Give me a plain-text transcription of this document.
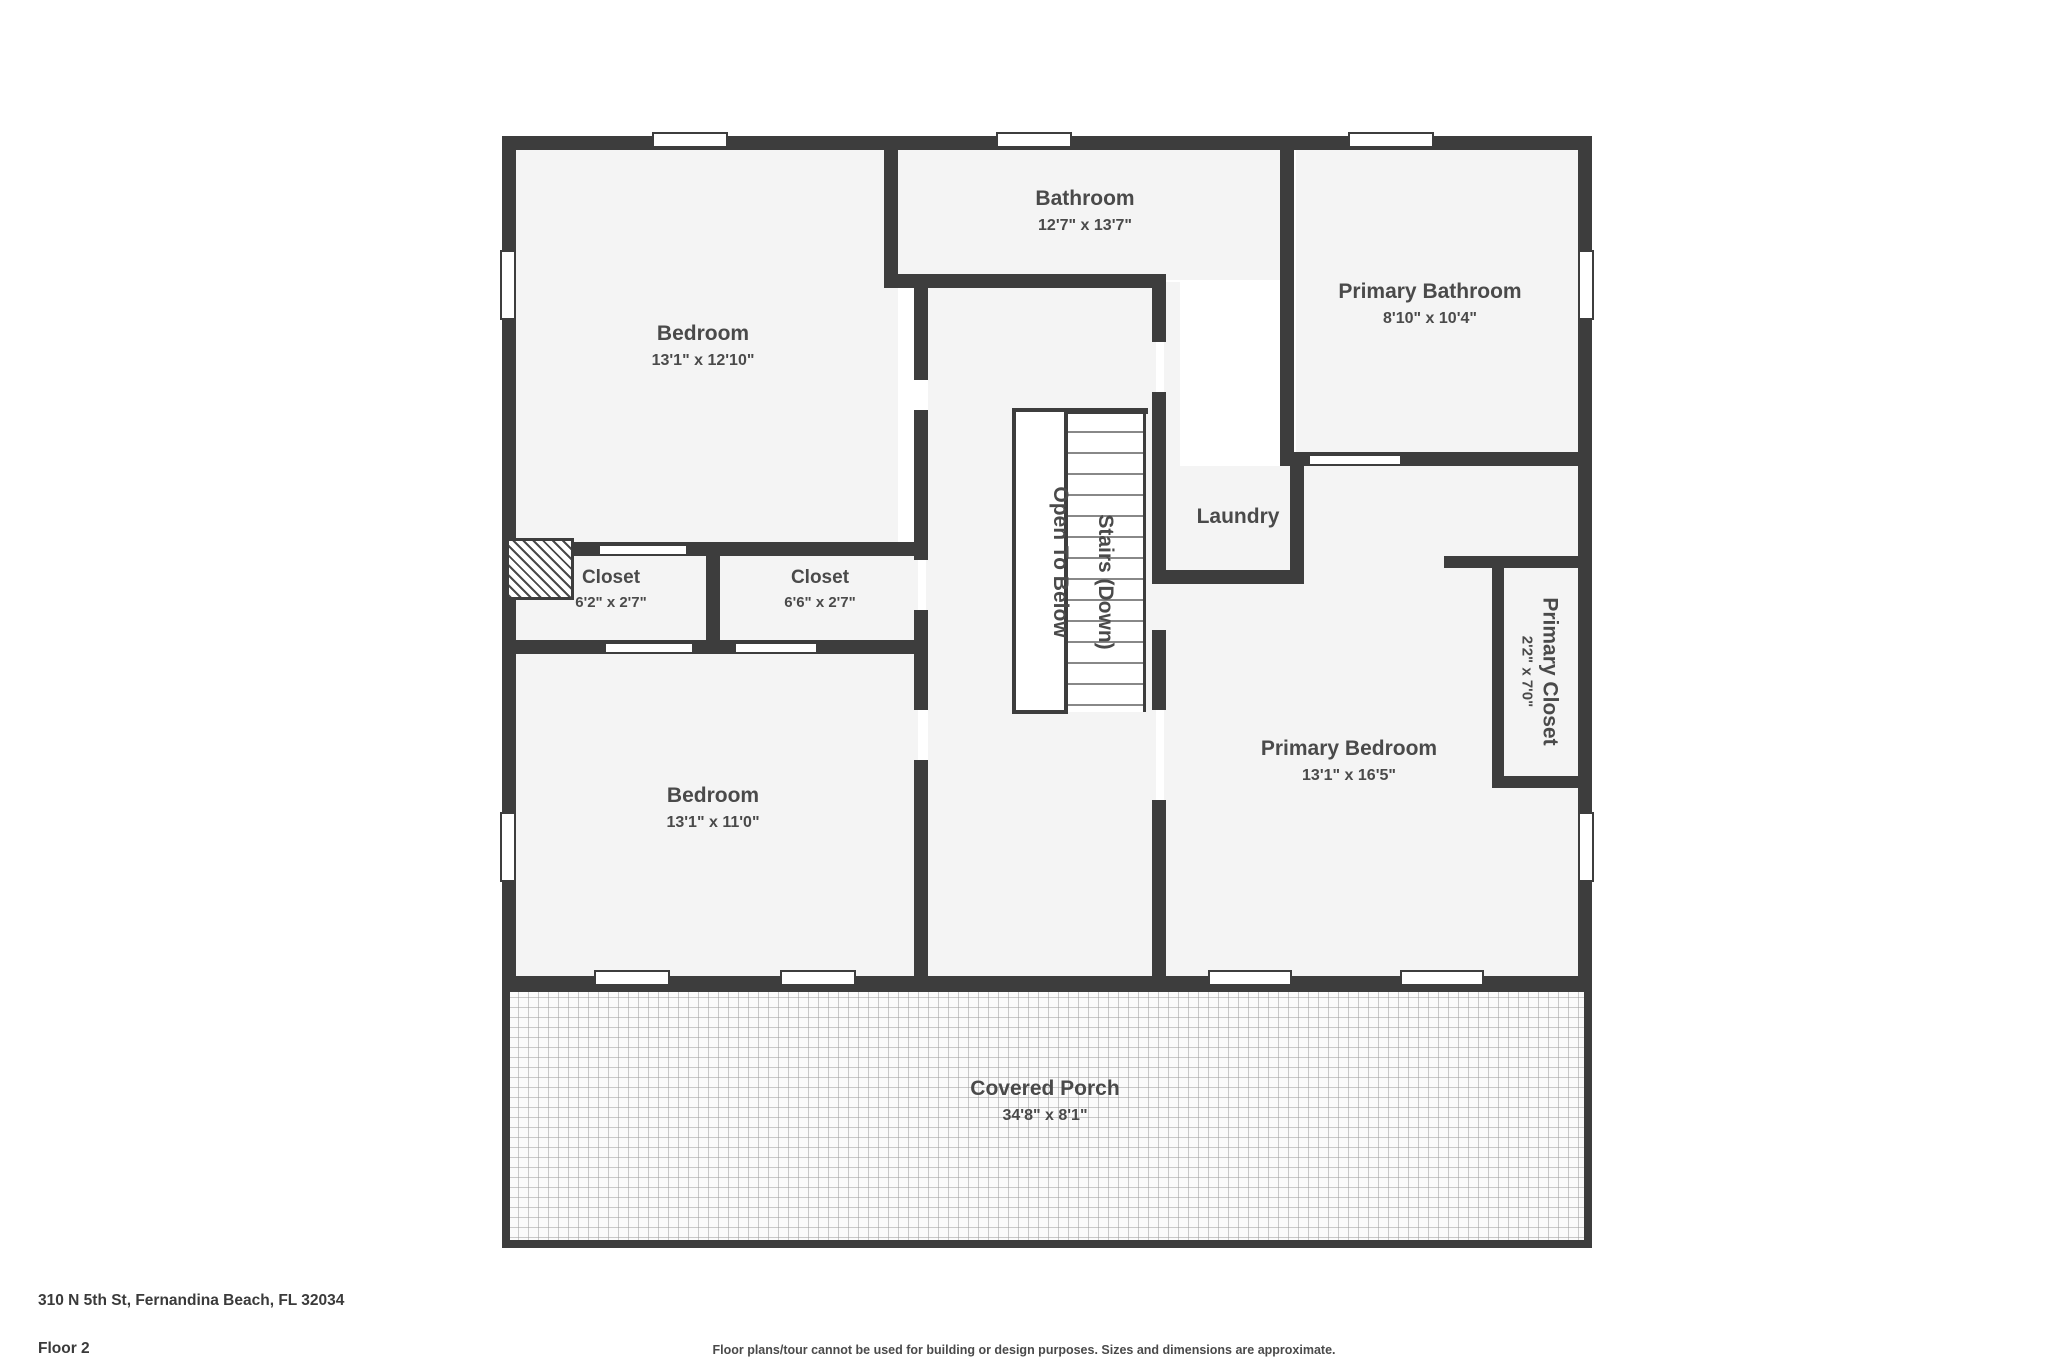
Bedroom
13'1" x 12'10"
Bathroom
12'7" x 13'7"
Primary Bathroom
8'10" x 10'4"
Closet
6'2" x 2'7"
Closet
6'6" x 2'7"
Laundry
Bedroom
13'1" x 11'0"
Primary Bedroom
13'1" x 16'5"
Primary Closet
2'2" x 7'0"
Covered Porch
34'8" x 8'1"
Open To Below Stairs (Down)
310 N 5th St, Fernandina Beach, FL 32034
Floor 2	Floor plans/tour cannot be used for building or design purposes. Sizes and dimensions are approximate.
